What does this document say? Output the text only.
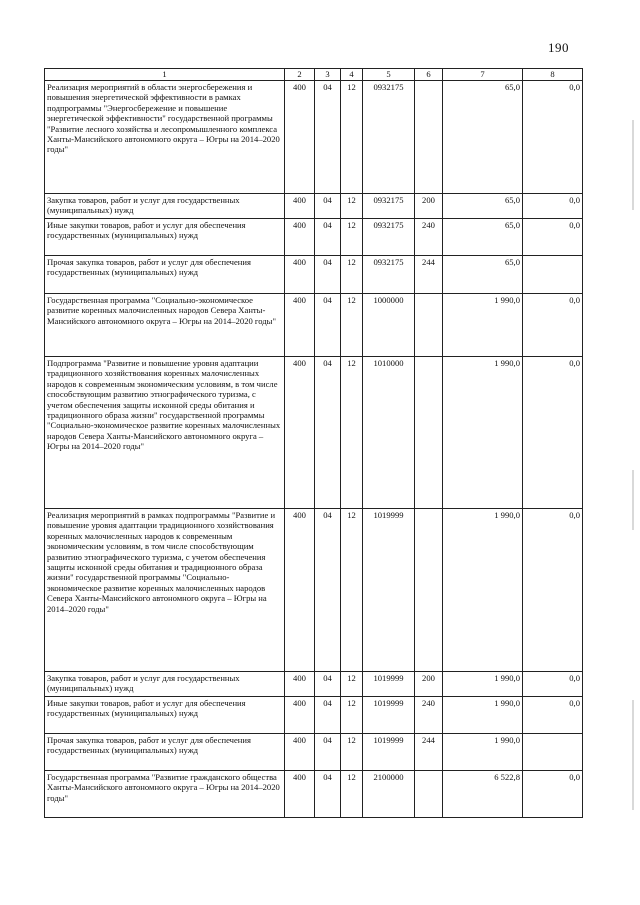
190
1	2	3	4	5	6	7	8
Реализация мероприятий в области энергосбережения и повышения энергетической эффективности в рамках подпрограммы "Энергосбережение и повышение энергетической эффективности" государственной программы "Развитие лесного хозяйства и лесопромышленного комплекса Ханты-Мансийского автономного округа – Югры на 2014–2020 годы"	400	04	12	0932175		65,0	0,0
Закупка товаров, работ и услуг для государственных (муниципальных) нужд	400	04	12	0932175	200	65,0	0,0
Иные закупки товаров, работ и услуг для обеспечения государственных (муниципальных) нужд	400	04	12	0932175	240	65,0	0,0
Прочая закупка товаров, работ и услуг для обеспечения государственных (муниципальных) нужд	400	04	12	0932175	244	65,0	
Государственная программа "Социально-экономическое развитие коренных малочисленных народов Севера Ханты-Мансийского автономного округа – Югры на 2014–2020 годы"	400	04	12	1000000		1 990,0	0,0
Подпрограмма "Развитие и повышение уровня адаптации традиционного хозяйствования коренных малочисленных народов к современным экономическим условиям, в том числе способствующим развитию этнографического туризма, с учетом обеспечения защиты исконной среды обитания и традиционного образа жизни" государственной программы "Социально-экономическое развитие коренных малочисленных народов Севера Ханты-Мансийского автономного округа – Югры на 2014–2020 годы"	400	04	12	1010000		1 990,0	0,0
Реализация мероприятий в рамках подпрограммы "Развитие и повышение уровня адаптации традиционного хозяйствования коренных малочисленных народов к современным экономическим условиям, в том числе способствующим развитию этнографического туризма, с учетом обеспечения защиты исконной среды обитания и традиционного образа жизни" государственной программы "Социально-экономическое развитие коренных малочисленных народов Севера Ханты-Мансийского автономного округа – Югры на 2014–2020 годы"	400	04	12	1019999		1 990,0	0,0
Закупка товаров, работ и услуг для государственных (муниципальных) нужд	400	04	12	1019999	200	1 990,0	0,0
Иные закупки товаров, работ и услуг для обеспечения государственных (муниципальных) нужд	400	04	12	1019999	240	1 990,0	0,0
Прочая закупка товаров, работ и услуг для обеспечения государственных (муниципальных) нужд	400	04	12	1019999	244	1 990,0	
Государственная программа "Развитие гражданского общества Ханты-Мансийского автономного округа – Югры на 2014–2020 годы"	400	04	12	2100000		6 522,8	0,0
